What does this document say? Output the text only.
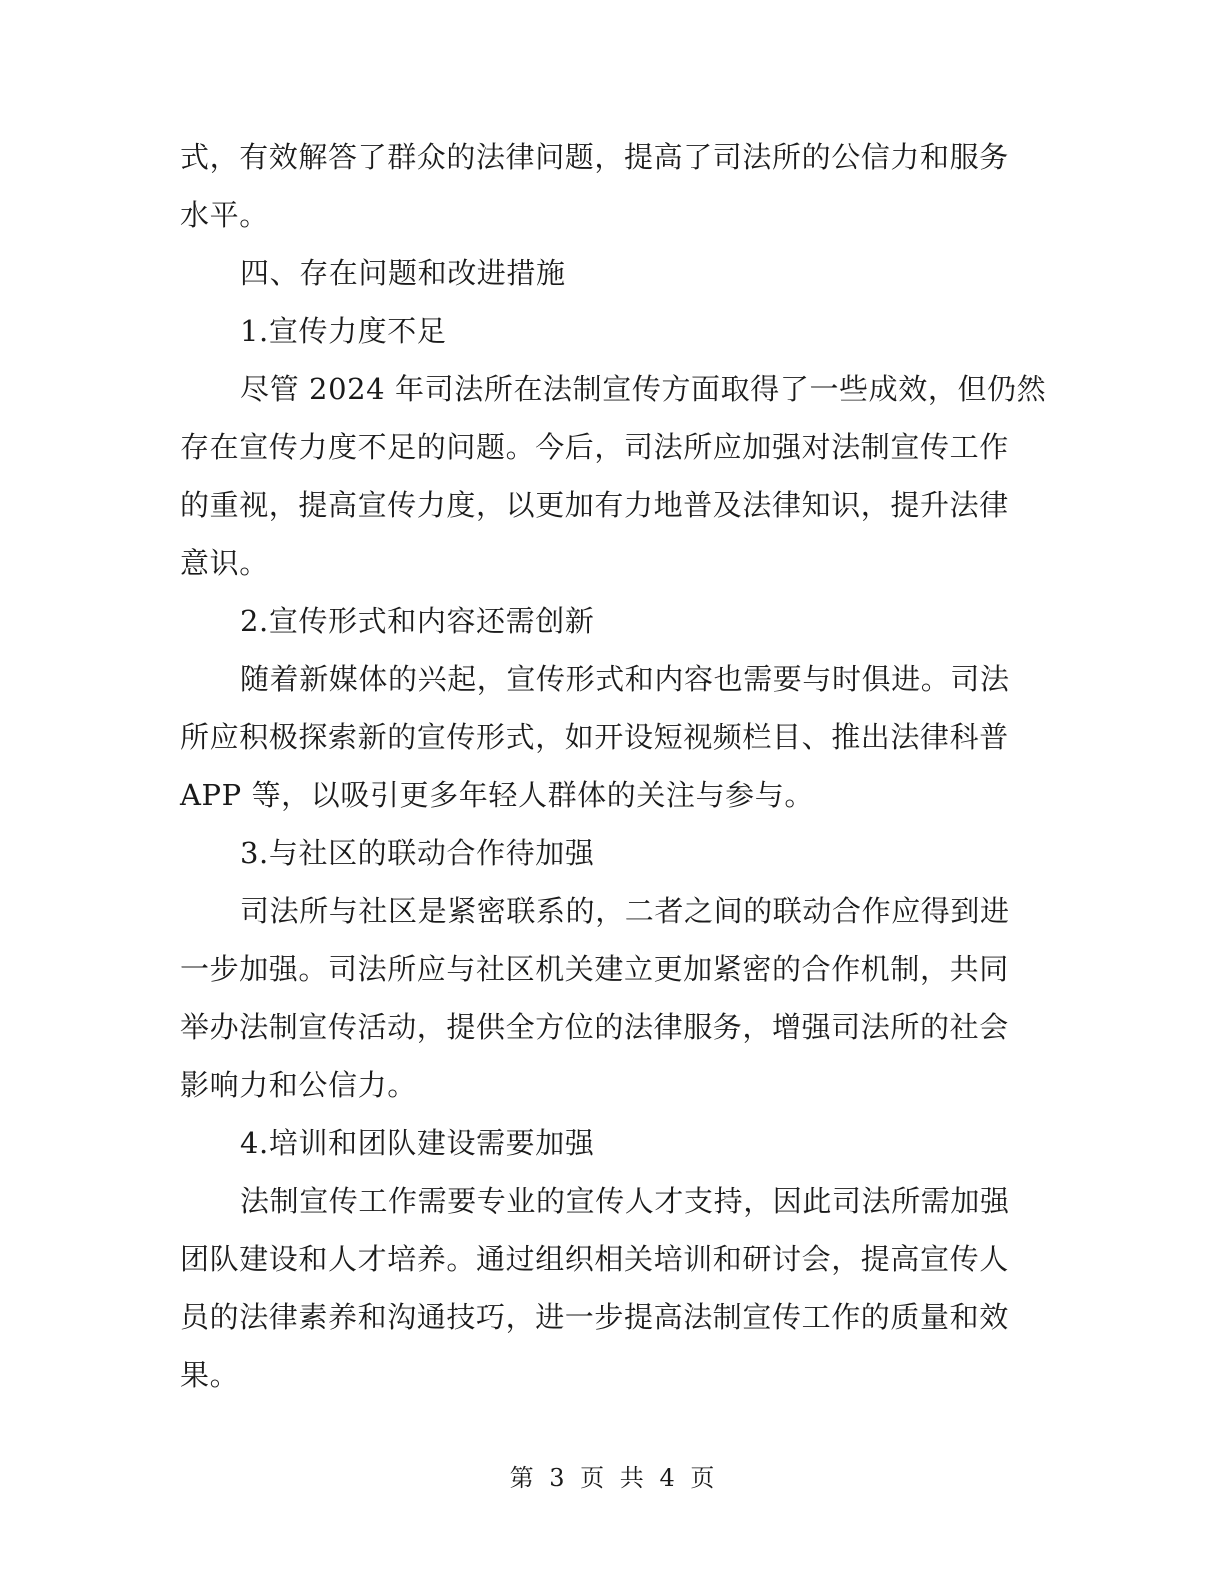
式，有效解答了群众的法律问题，提高了司法所的公信力和服务
水平。
四、存在问题和改进措施
1.宣传力度不足
尽管 2024 年司法所在法制宣传方面取得了一些成效，但仍然
存在宣传力度不足的问题。今后，司法所应加强对法制宣传工作
的重视，提高宣传力度，以更加有力地普及法律知识，提升法律
意识。
2.宣传形式和内容还需创新
随着新媒体的兴起，宣传形式和内容也需要与时俱进。司法
所应积极探索新的宣传形式，如开设短视频栏目、推出法律科普
APP 等，以吸引更多年轻人群体的关注与参与。
3.与社区的联动合作待加强
司法所与社区是紧密联系的，二者之间的联动合作应得到进
一步加强。司法所应与社区机关建立更加紧密的合作机制，共同
举办法制宣传活动，提供全方位的法律服务，增强司法所的社会
影响力和公信力。
4.培训和团队建设需要加强
法制宣传工作需要专业的宣传人才支持，因此司法所需加强
团队建设和人才培养。通过组织相关培训和研讨会，提高宣传人
员的法律素养和沟通技巧，进一步提高法制宣传工作的质量和效
果。
第 3 页 共 4 页
